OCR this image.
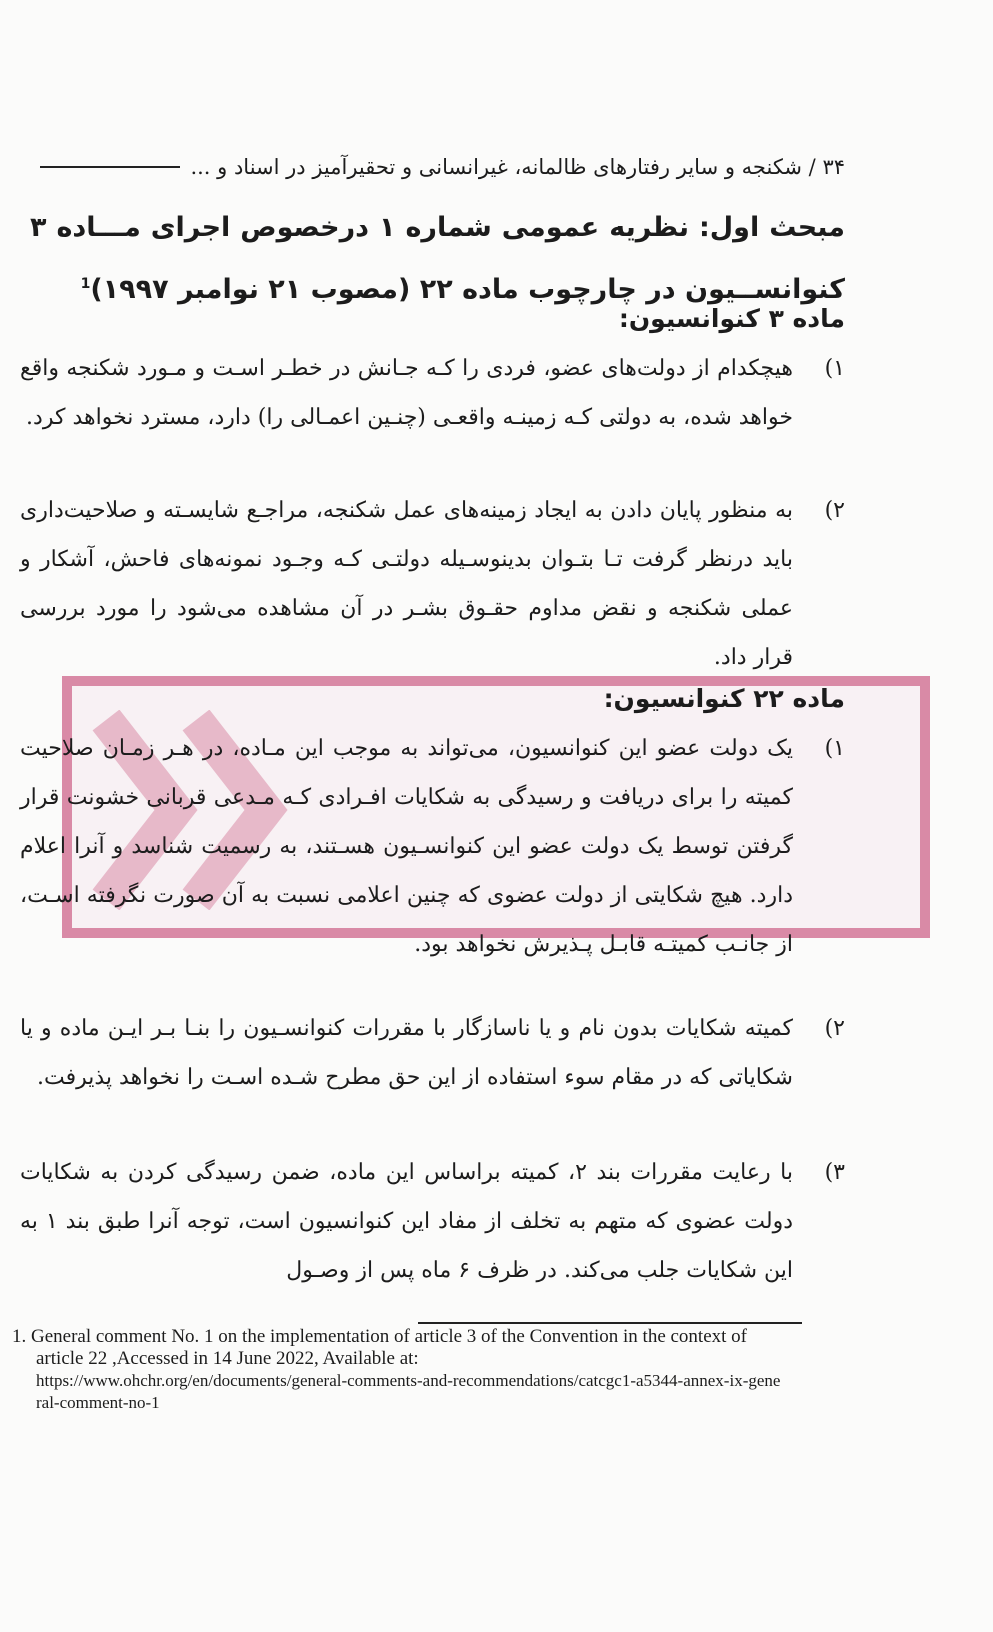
۳۴ / شکنجه و سایر رفتارهای ظالمانه، غیرانسانی و تحقیرآمیز در اسناد و ...
مبحث اول: نظریه عمومی شماره ۱ درخصوص اجرای مـــاده ۳ کنوانســیون در چارچوب ماده ۲۲ (مصوب ۲۱ نوامبر ۱۹۹۷)$^1$
ماده ۳ کنوانسیون:
۱)
هیچکدام از دولت‌های عضو، فردی را کـه جـانش در خطـر اسـت و مـورد شکنجه واقع خواهد شده، به دولتی کـه زمینـه واقعـی (چنـین اعمـالی را) دارد، مسترد نخواهد کرد.
۲)
به منظور پایان دادن به ایجاد زمینه‌های عمل شکنجه، مراجـع شایسـته و صلاحیت‌داری باید درنظر گرفت تـا بتـوان بدینوسـیله دولتـی کـه وجـود نمونه‌های فاحش، آشکار و عملی شکنجه و نقض مداوم حقـوق بشـر در آن مشاهده می‌شود را مورد بررسی قرار داد.
ماده ۲۲ کنوانسیون:
۱)
یک دولت عضو این کنوانسیون، می‌تواند به موجب این مـاده، در هـر زمـان صلاحیت کمیته را برای دریافت و رسیدگی به شکایات افـرادی کـه مـدعی قربانی خشونت قرار گرفتن توسط یک دولت عضو این کنوانسـیون هسـتند، به رسمیت شناسد و آنرا اعلام دارد. هیچ شکایتی از دولت عضوی که چنین اعلامی نسبت به آن صورت نگرفته اسـت، از جانـب کمیتـه قابـل پـذیرش نخواهد بود.
۲)
کمیته شکایات بدون نام و یا ناسازگار با مقررات کنوانسـیون را بنـا بـر ایـن ماده و یا شکایاتی که در مقام سوء استفاده از این حق مطرح شـده اسـت را نخواهد پذیرفت.
۳)
با رعایت مقررات بند ۲، کمیته براساس این ماده، ضمن رسیدگی کردن به شکایات دولت عضوی که متهم به تخلف از مفاد این کنوانسیون است، توجه آنرا طبق بند ۱ به این شکایات جلب می‌کند. در ظرف ۶ ماه پس از وصـول
1. General comment No. 1 on the implementation of article 3 of the Convention in the context of article 22 ,Accessed in 14 June 2022, Available at:
https://www.ohchr.org/en/documents/general-comments-and-recommendations/catcgc1-a5344-annex-ix-general-comment-no-1
